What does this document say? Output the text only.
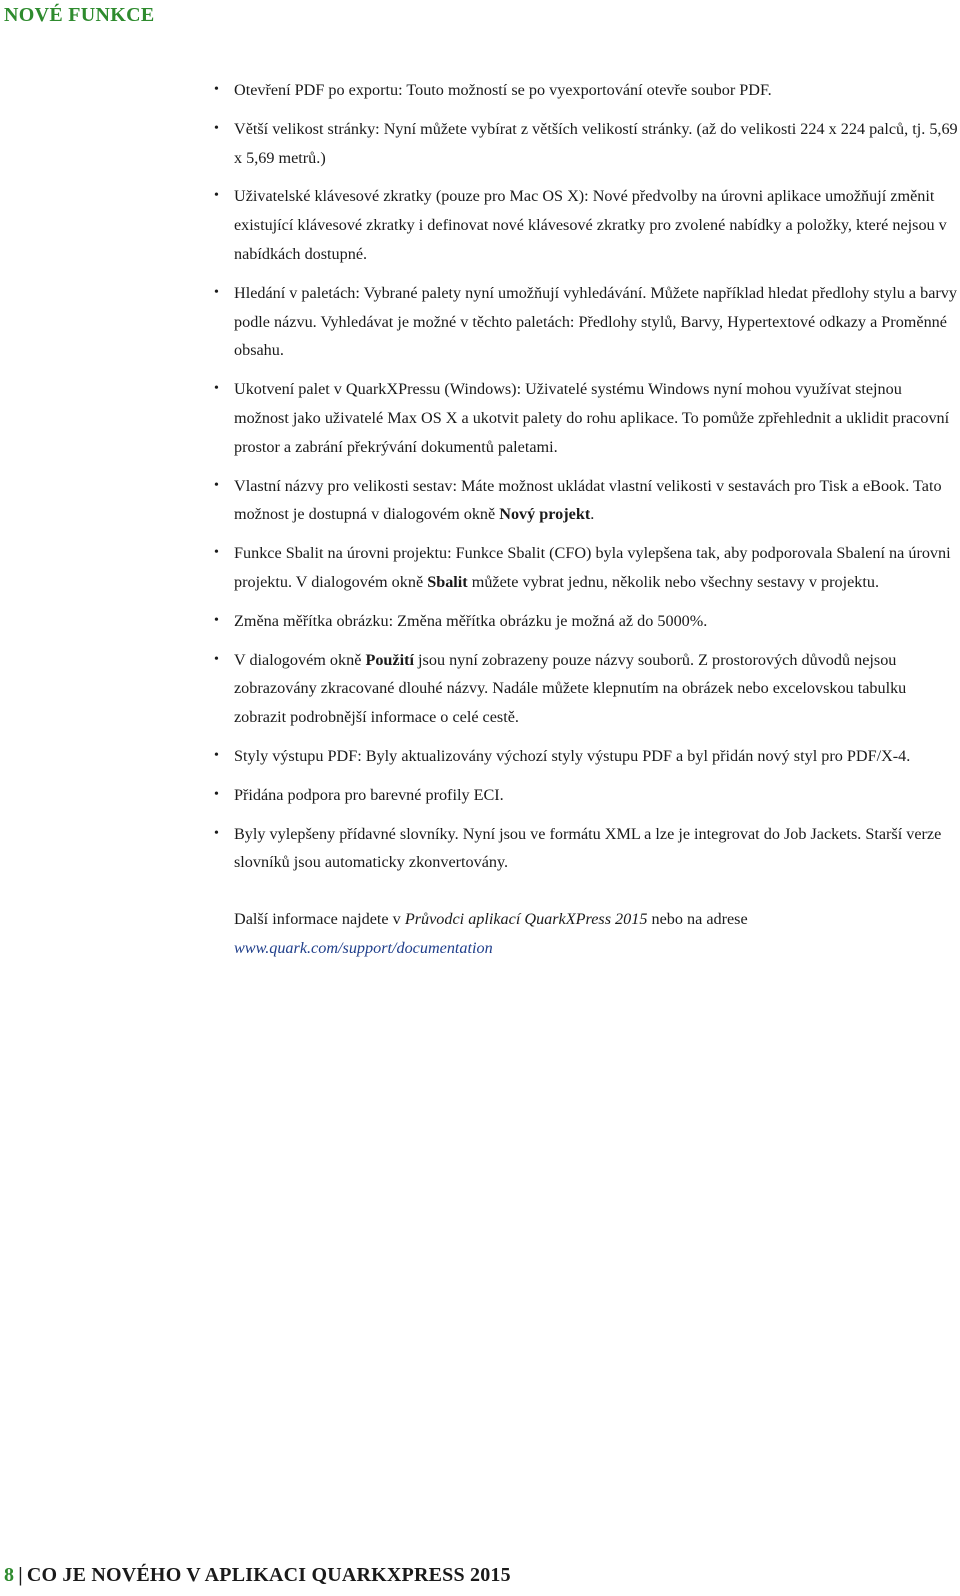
NOVÉ FUNKCE
• Otevření PDF po exportu: Touto možností se po vyexportování otevře soubor PDF.
• Větší velikost stránky: Nyní můžete vybírat z větších velikostí stránky. (až do velikosti 224 x 224 palců, tj. 5,69 x 5,69 metrů.)
• Uživatelské klávesové zkratky (pouze pro Mac OS X): Nové předvolby na úrovni aplikace umožňují změnit existující klávesové zkratky i definovat nové klávesové zkratky pro zvolené nabídky a položky, které nejsou v nabídkách dostupné.
• Hledání v paletách: Vybrané palety nyní umožňují vyhledávání. Můžete například hledat předlohy stylu a barvy podle názvu. Vyhledávat je možné v těchto paletách: Předlohy stylů, Barvy, Hypertextové odkazy a Proměnné obsahu.
• Ukotvení palet v QuarkXPressu (Windows): Uživatelé systému Windows nyní mohou využívat stejnou možnost jako uživatelé Max OS X a ukotvit palety do rohu aplikace. To pomůže zpřehlednit a uklidit pracovní prostor a zabrání překrývání dokumentů paletami.
• Vlastní názvy pro velikosti sestav: Máte možnost ukládat vlastní velikosti v sestavách pro Tisk a eBook. Tato možnost je dostupná v dialogovém okně Nový projekt.
• Funkce Sbalit na úrovni projektu: Funkce Sbalit (CFO) byla vylepšena tak, aby podporovala Sbalení na úrovni projektu. V dialogovém okně Sbalit můžete vybrat jednu, několik nebo všechny sestavy v projektu.
• Změna měřítka obrázku: Změna měřítka obrázku je možná až do 5000%.
• V dialogovém okně Použití jsou nyní zobrazeny pouze názvy souborů. Z prostorových důvodů nejsou zobrazovány zkracované dlouhé názvy. Nadále můžete klepnutím na obrázek nebo excelovskou tabulku zobrazit podrobnější informace o celé cestě.
• Styly výstupu PDF: Byly aktualizovány výchozí styly výstupu PDF a byl přidán nový styl pro PDF/X-4.
• Přidána podpora pro barevné profily ECI.
• Byly vylepšeny přídavné slovníky. Nyní jsou ve formátu XML a lze je integrovat do Job Jackets. Starší verze slovníků jsou automaticky zkonvertovány.
Další informace najdete v Průvodci aplikací QuarkXPress 2015 nebo na adrese
www.quark.com/support/documentation
8 | CO JE NOVÉHO V APLIKACI QUARKXPRESS 2015
